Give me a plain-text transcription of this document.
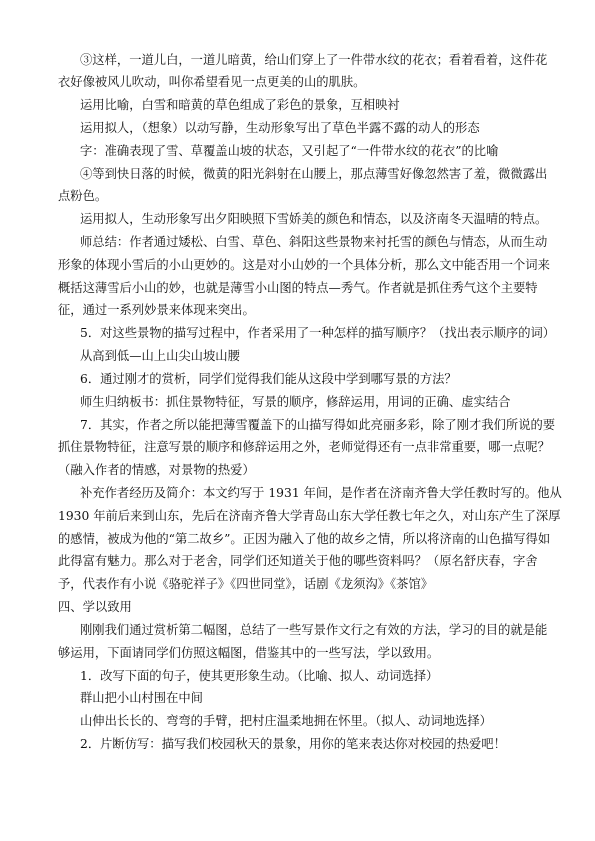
③这样，一道儿白，一道儿暗黄，给山们穿上了一件带水纹的花衣；看着看着，这件花
衣好像被风儿吹动，叫你希望看见一点更美的山的肌肤。
运用比喻，白雪和暗黄的草色组成了彩色的景象，互相映衬
运用拟人，（想象）以动写静，生动形象写出了草色半露不露的动人的形态
字：准确表现了雪、草覆盖山坡的状态，又引起了“一件带水纹的花衣”的比喻
④等到快日落的时候，微黄的阳光斜射在山腰上，那点薄雪好像忽然害了羞，微微露出
点粉色。
运用拟人，生动形象写出夕阳映照下雪娇美的颜色和情态，以及济南冬天温晴的特点。
师总结：作者通过矮松、白雪、草色、斜阳这些景物来衬托雪的颜色与情态，从而生动
形象的体现小雪后的小山更妙的。这是对小山妙的一个具体分析，那么文中能否用一个词来
概括这薄雪后小山的妙，也就是薄雪小山图的特点—秀气。作者就是抓住秀气这个主要特
征，通过一系列妙景来体现来突出。
5．对这些景物的描写过程中，作者采用了一种怎样的描写顺序？（找出表示顺序的词）
从高到低—山上山尖山坡山腰
6．通过刚才的赏析，同学们觉得我们能从这段中学到哪写景的方法？
师生归纳板书：抓住景物特征，写景的顺序，修辞运用，用词的正确、虚实结合
7．其实，作者之所以能把薄雪覆盖下的山描写得如此亮丽多彩，除了刚才我们所说的要
抓住景物特征，注意写景的顺序和修辞运用之外，老师觉得还有一点非常重要，哪一点呢？
（融入作者的情感，对景物的热爱）
补充作者经历及简介：本文约写于 1931 年间，是作者在济南齐鲁大学任教时写的。他从
1930 年前后来到山东，先后在济南齐鲁大学青岛山东大学任教七年之久，对山东产生了深厚
的感情，被成为他的“第二故乡”。正因为融入了他的故乡之情，所以将济南的山色描写得如
此得富有魅力。那么对于老舍，同学们还知道关于他的哪些资料吗？（原名舒庆春，字舍
予，代表作有小说《骆驼祥子》《四世同堂》，话剧《龙须沟》《茶馆》
四、学以致用
刚刚我们通过赏析第二幅图，总结了一些写景作文行之有效的方法，学习的目的就是能
够运用，下面请同学们仿照这幅图，借鉴其中的一些写法，学以致用。
1．改写下面的句子，使其更形象生动。（比喻、拟人、动词选择）
群山把小山村围在中间
山伸出长长的、弯弯的手臂，把村庄温柔地拥在怀里。（拟人、动词地选择）
2．片断仿写：描写我们校园秋天的景象，用你的笔来表达你对校园的热爱吧！
